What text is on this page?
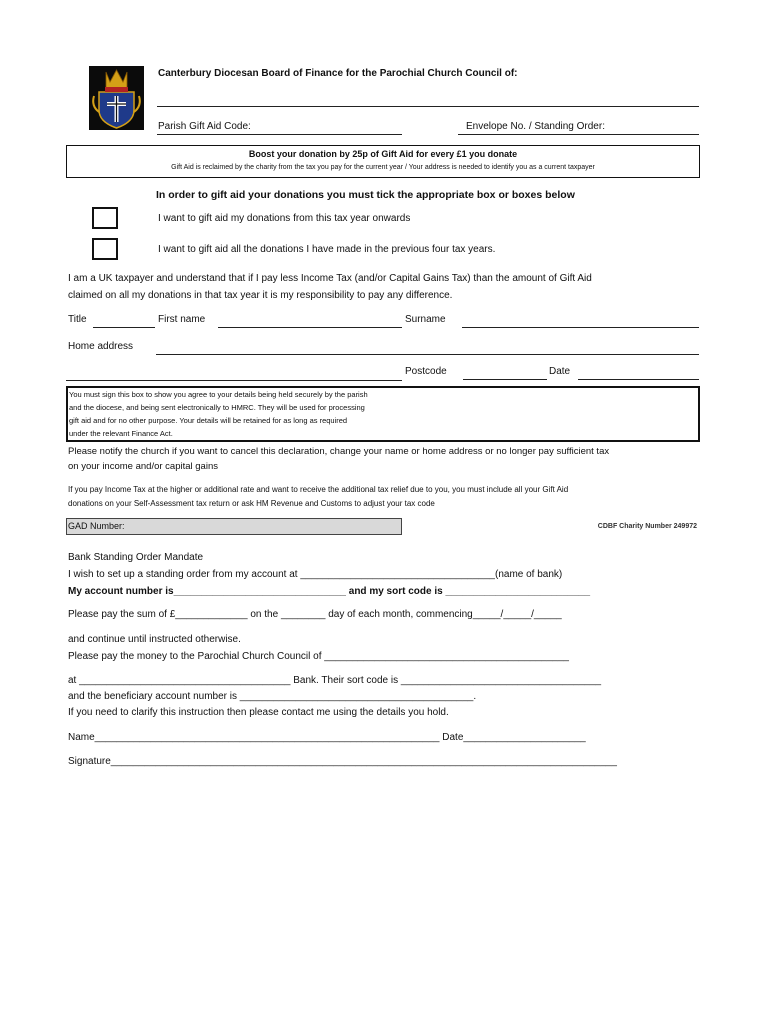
Canterbury Diocesan Board of Finance for the Parochial Church Council of:
Parish Gift Aid Code:	Envelope No. / Standing Order:
Boost your donation by 25p of Gift Aid for every £1 you donate
Gift Aid is reclaimed by the charity from the tax you pay for the current year / Your address is needed to identify you as a current taxpayer
In order to gift aid your donations you must tick the appropriate box or boxes below
I want to gift aid my donations from this tax year onwards
I want to gift aid all the donations I have made in the previous four tax years.
I am a UK taxpayer and understand that if I pay less Income Tax (and/or Capital Gains Tax) than the amount of Gift Aid
claimed on all my donations in that tax year it is my responsibility to pay any difference.
Title	First name	Surname
Home address
Postcode	Date
You must sign this box to show you agree to your details being held securely by the parish
and the diocese, and being sent electronically to HMRC. They will be used for processing
gift aid and for no other purpose. Your details will be retained for as long as required
under the relevant Finance Act.
Please notify the church if you want to cancel this declaration, change your name or home address or no longer pay sufficient tax
on your income and/or capital gains
If you pay Income Tax at the higher or additional rate and want to receive the additional tax relief due to you, you must include all your Gift Aid
donations on your Self-Assessment tax return or ask HM Revenue and Customs to adjust your tax code
GAD Number:	CDBF Charity Number 249972
Bank Standing Order Mandate
I wish to set up a standing order from my account at ___________________________________(name of bank)
My account number is_______________________________ and my sort code is __________________________
Please pay the sum of £_____________ on the ________ day of each month, commencing_____/_____/_____
and continue until instructed otherwise.
Please pay the money to the Parochial Church Council of ____________________________________________
at ______________________________________ Bank. Their sort code is ____________________________________
and the beneficiary account number is __________________________________________.
If you need to clarify this instruction then please contact me using the details you hold.
Name______________________________________________________________ Date______________________
Signature___________________________________________________________________________________________
